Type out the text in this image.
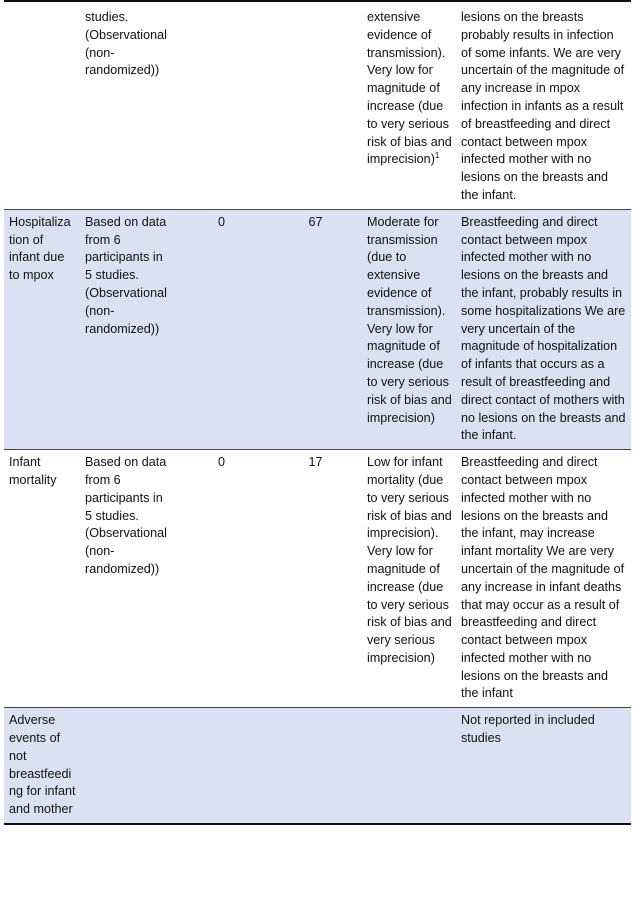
	studies. (Observational (non-randomized))			extensive evidence of transmission). Very low for magnitude of increase (due to very serious risk of bias and imprecision)$^1$	lesions on the breasts probably results in infection of some infants. We are very uncertain of the magnitude of any increase in mpox infection in infants as a result of breastfeeding and direct contact between mpox infected mother with no lesions on the breasts and the infant.
Hospitaliza tion of infant due to mpox	Based on data from 6 participants in 5 studies. (Observational (non-randomized))	0	67	Moderate for transmission (due to extensive evidence of transmission). Very low for magnitude of increase (due to very serious risk of bias and imprecision)	Breastfeeding and direct contact between mpox infected mother with no lesions on the breasts and the infant, probably results in some hospitalizations We are very uncertain of the magnitude of hospitalization of infants that occurs as a result of breastfeeding and direct contact of mothers with no lesions on the breasts and the infant.
Infant mortality	Based on data from 6 participants in 5 studies. (Observational (non-randomized))	0	17	Low for infant mortality (due to very serious risk of bias and imprecision). Very low for magnitude of increase (due to very serious risk of bias and very serious imprecision)	Breastfeeding and direct contact between mpox infected mother with no lesions on the breasts and the infant, may increase infant mortality We are very uncertain of the magnitude of any increase in infant deaths that may occur as a result of breastfeeding and direct contact between mpox infected mother with no lesions on the breasts and the infant
Adverse events of not breastfeedi ng for infant and mother					Not reported in included studies
